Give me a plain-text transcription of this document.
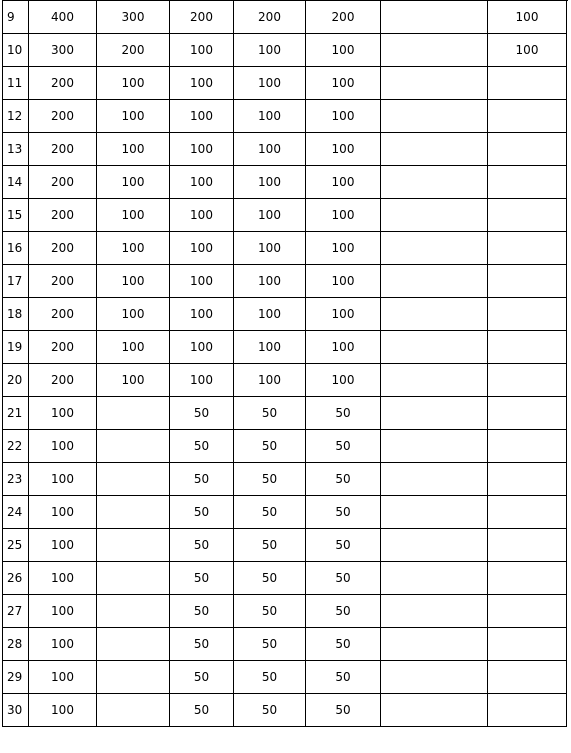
9	400	300	200	200	200		100
10	300	200	100	100	100		100
11	200	100	100	100	100		
12	200	100	100	100	100		
13	200	100	100	100	100		
14	200	100	100	100	100		
15	200	100	100	100	100		
16	200	100	100	100	100		
17	200	100	100	100	100		
18	200	100	100	100	100		
19	200	100	100	100	100		
20	200	100	100	100	100		
21	100		50	50	50		
22	100		50	50	50		
23	100		50	50	50		
24	100		50	50	50		
25	100		50	50	50		
26	100		50	50	50		
27	100		50	50	50		
28	100		50	50	50		
29	100		50	50	50		
30	100		50	50	50		
